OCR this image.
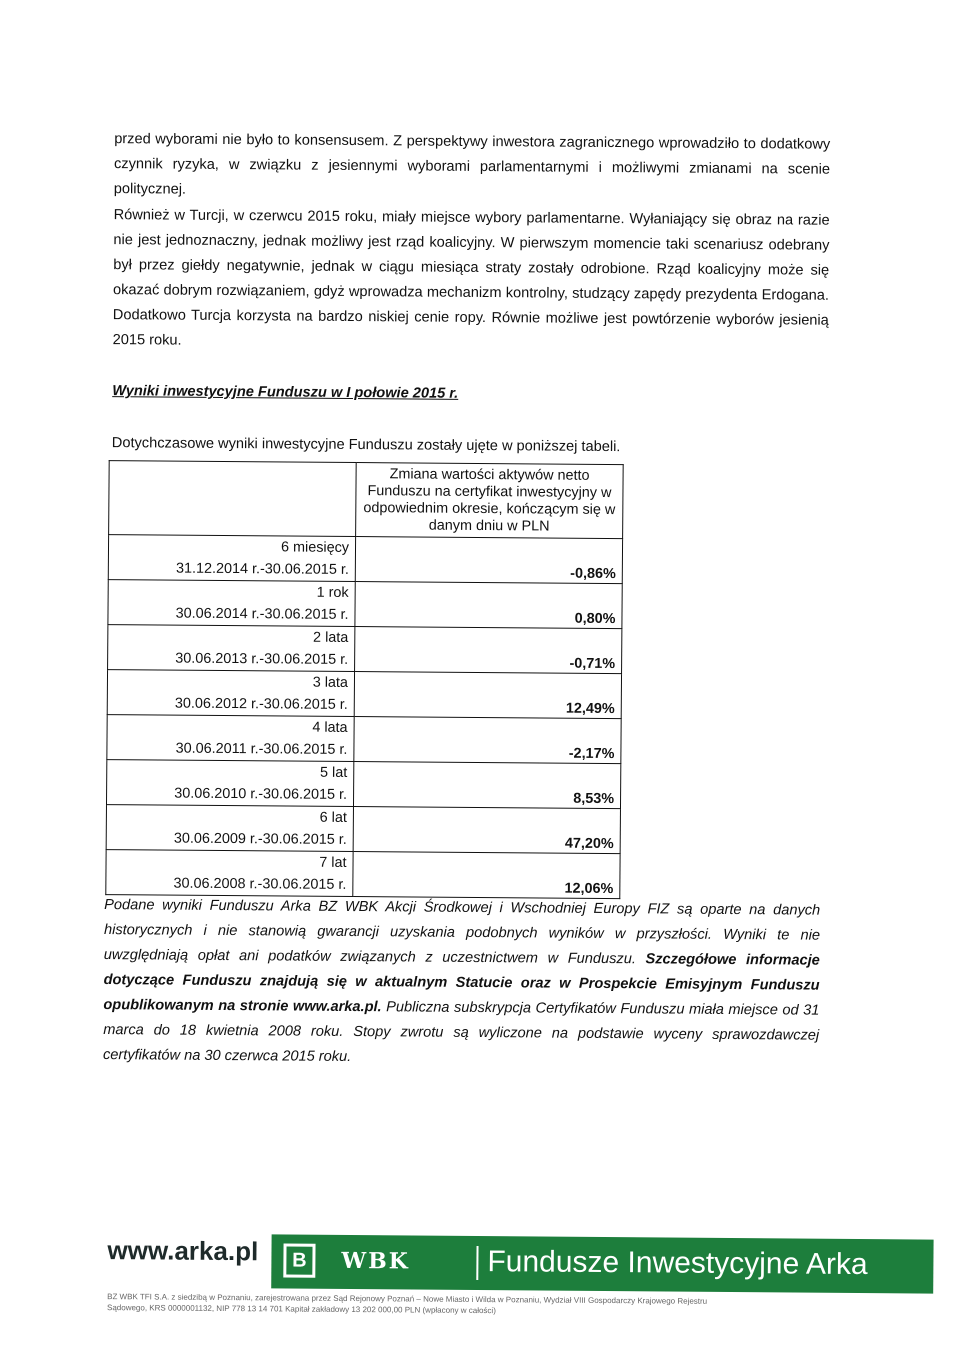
przed wyborami nie było to konsensusem. Z perspektywy inwestora zagranicznego wprowadziło to dodatkowy czynnik ryzyka, w związku z jesiennymi wyborami parlamentarnymi i możliwymi zmianami na scenie politycznej.

Również w Turcji, w czerwcu 2015 roku, miały miejsce wybory parlamentarne. Wyłaniający się obraz na razie nie jest jednoznaczny, jednak możliwy jest rząd koalicyjny. W pierwszym momencie taki scenariusz odebrany był przez giełdy negatywnie, jednak w ciągu miesiąca straty zostały odrobione. Rząd koalicyjny może się okazać dobrym rozwiązaniem, gdyż wprowadza mechanizm kontrolny, studzący zapędy prezydenta Erdogana. Dodatkowo Turcja korzysta na bardzo niskiej cenie ropy. Równie możliwe jest powtórzenie wyborów jesienią 2015 roku.

Wyniki inwestycyjne Funduszu w I połowie 2015 r.

Dotychczasowe wyniki inwestycyjne Funduszu zostały ujęte w poniższej tabeli.

	Zmiana wartości aktywów netto Funduszu na certyfikat inwestycyjny w odpowiednim okresie, kończącym się w danym dniu w PLN

6 miesięcy
31.12.2014 r.-30.06.2015 r.	-0,86%

1 rok
30.06.2014 r.-30.06.2015 r.	0,80%

2 lata
30.06.2013 r.-30.06.2015 r.	-0,71%

3 lata
30.06.2012 r.-30.06.2015 r.	12,49%

4 lata
30.06.2011 r.-30.06.2015 r.	-2,17%

5 lat
30.06.2010 r.-30.06.2015 r.	8,53%

6 lat
30.06.2009 r.-30.06.2015 r.	47,20%

7 lat
30.06.2008 r.-30.06.2015 r.	12,06%

Podane wyniki Funduszu Arka BZ WBK Akcji Środkowej i Wschodniej Europy FIZ są oparte na danych historycznych i nie stanowią gwarancji uzyskania podobnych wyników w przyszłości. Wyniki te nie uwzględniają opłat ani podatków związanych z uczestnictwem w Funduszu. Szczegółowe informacje dotyczące Funduszu znajdują się w aktualnym Statucie oraz w Prospekcie Emisyjnym Funduszu opublikowanym na stronie www.arka.pl. Publiczna subskrypcja Certyfikatów Funduszu miała miejsce od 31 marca do 18 kwietnia 2008 roku. Stopy zwrotu są wyliczone na podstawie wyceny sprawozdawczej certyfikatów na 30 czerwca 2015 roku.

www.arka.pl	B	WBK	Fundusze Inwestycyjne Arka

BZ WBK TFI S.A. z siedzibą w Poznaniu, zarejestrowana przez Sąd Rejonowy Poznań – Nowe Miasto i Wilda w Poznaniu, Wydział VIII Gospodarczy Krajowego Rejestru Sądowego, KRS 0000001132, NIP 778 13 14 701 Kapitał zakładowy 13 202 000,00 PLN (wpłacony w całości)
